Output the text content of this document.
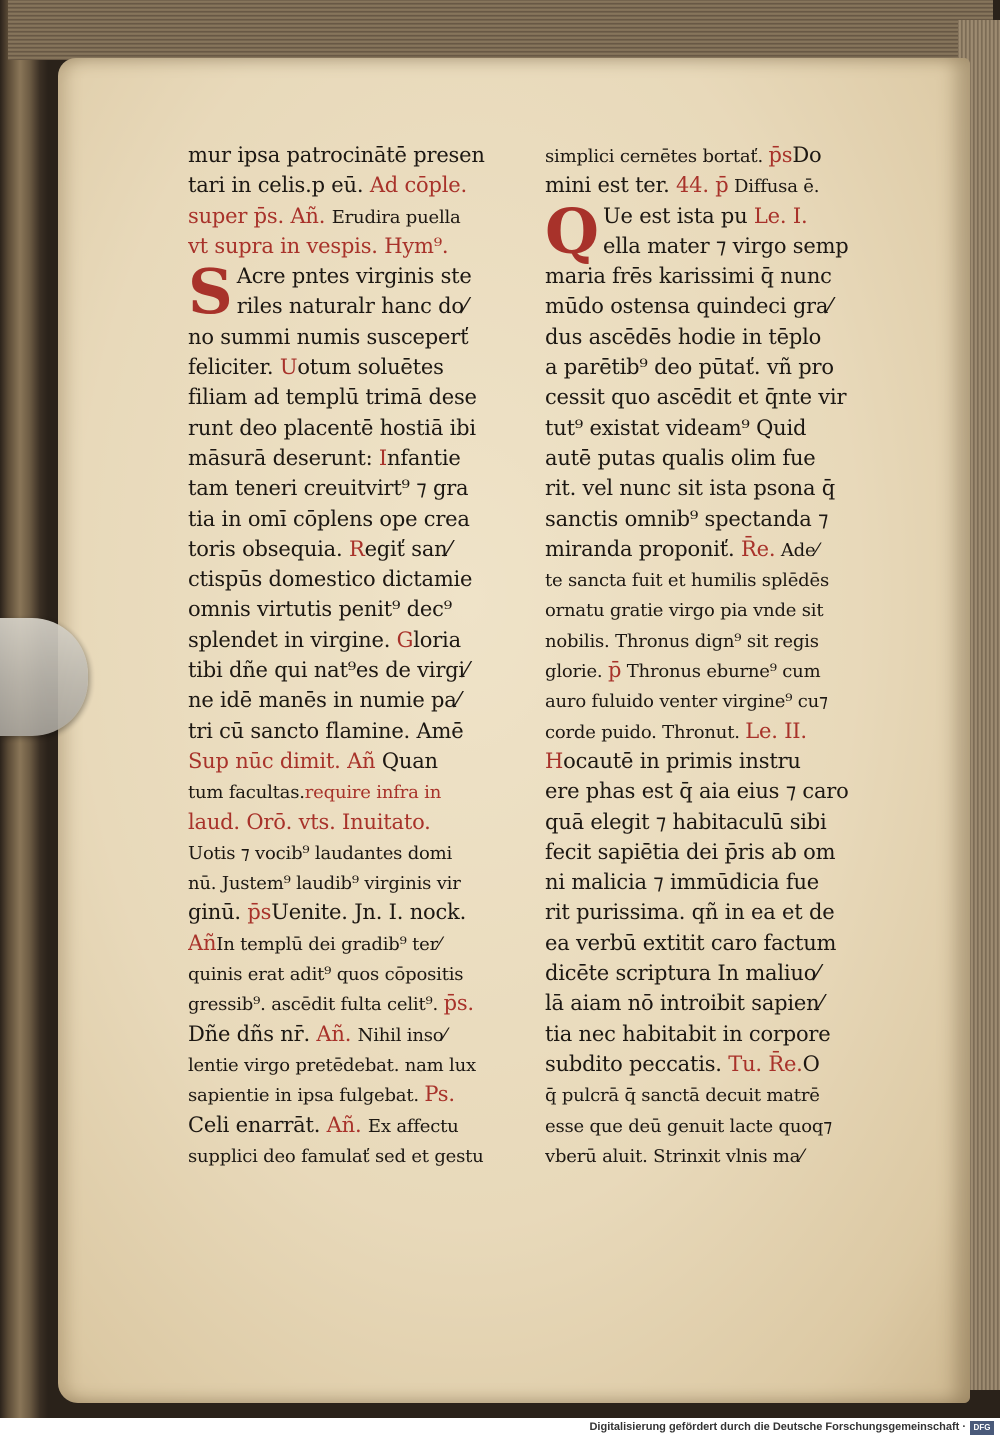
mur ipsa patrocinātē presen
tari in celis.p eū. Ad cōple.
super p̄s. Añ. Erudira puella
vt supra in vespis. Hym⁹.
S Acre pntes virginis ste
riles naturalr hanc do⁄
no summi numis susceperť
feliciter. Uotum soluētes
filiam ad templū trimā dese
runt deo placentē hostiā ibi
māsurā deserunt: Infantie
tam teneri creuitvirt⁹ ⁊ gra
tia in omī cōplens ope crea
toris obsequia. Regiť san⁄
ctispūs domestico dictamie
omnis virtutis penit⁹ dec⁹
splendet in virgine. Gloria
tibi dñe qui nat⁹es de virgi⁄
ne idē manēs in numie pa⁄
tri cū sancto flamine. Amē
Sup nūc dimit. Añ Quan
tum facultas.require infra in
laud. Orō. vts. Inuitato.
Uotis ⁊ vocib⁹ laudantes domi
nū. Justem⁹ laudib⁹ virginis vir
ginū. p̄sUenite. Jn. I. nock.
AñIn templū dei gradib⁹ ter⁄
quinis erat adit⁹ quos cōpositis
gressib⁹. ascēdit fulta celit⁹. p̄s.
Dñe dñs nr̄. Añ. Nihil inso⁄
lentie virgo pretēdebat. nam lux
sapientie in ipsa fulgebat. Ps.
Celi enarrāt. Añ. Ex affectu
supplici deo famulať sed et gestu
simplici cernētes bortať. p̄sDo
mini est ter. 44. p̄ Diffusa ē.
Q Ue est ista pu Le. I.
ella mater ⁊ virgo semp
maria frēs karissimi q̄ nunc
mūdo ostensa quindeci gra⁄
dus ascēdēs hodie in tēplo
a parētib⁹ deo pūtať. vñ pro
cessit quo ascēdit et q̄nte vir
tut⁹ existat videam⁹ Quid
autē putas qualis olim fue
rit. vel nunc sit ista psona q̄
sanctis omnib⁹ spectanda ⁊
miranda proponiť. R̄e. Ade⁄
te sancta fuit et humilis splēdēs
ornatu gratie virgo pia vnde sit
nobilis. Thronus dign⁹ sit regis
glorie. p̄ Thronus eburne⁹ cum
auro fuluido venter virgine⁹ cu⁊
corde puido. Thronut. Le. II.
Hocautē in primis instru
ere phas est q̄ aia eius ⁊ caro
quā elegit ⁊ habitaculū sibi
fecit sapiētia dei p̄ris ab om
ni malicia ⁊ immūdicia fue
rit purissima. qñ in ea et de
ea verbū extitit caro factum
dicēte scriptura In maliuo⁄
lā aiam nō introibit sapien⁄
tia nec habitabit in corpore
subdito peccatis. Tu. R̄e.O
q̄ pulcrā q̄ sanctā decuit matrē
esse que deū genuit lacte quoq⁊
vberū aluit. Strinxit vlnis ma⁄
Digitalisierung gefördert durch die Deutsche Forschungsgemeinschaft · DFG
